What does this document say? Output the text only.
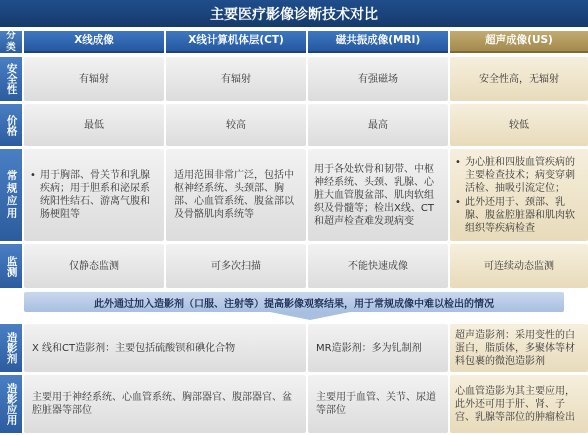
主要医疗影像诊断技术对比
分类
X线成像	X线计算机体层(CT)	磁共振成像(MRI)	超声成像(US)
安全性	有辐射	有辐射	有强磁场	安全性高，无辐射
价格	最低	较高	最高	较低
常规应用
•	用于胸部、骨关节和乳腺疾病；用于胆系和泌尿系统阳性结石、游离气腹和肠梗阻等
适用范围非常广泛，包括中枢神经系统、头颈部、胸部、心血管系统、腹盆部以及骨骼肌肉系统等
用于各处软骨和韧带、中枢神经系统、头颈、乳腺、心脏大血管腹盆部、肌肉软组织及骨髓等；检出X线、CT和超声检查难发现病变
• 为心脏和四肢血管疾病的主要检查技术；病变穿刺活检、抽吸引流定位；
• 此外还用于、颈部、乳腺、腹盆腔脏器和肌肉软组织等疾病检查
监测	仅静态监测	可多次扫描	不能快速成像	可连续动态监测
此外通过加入造影剂（口服、注射等）提高影像观察结果，用于常规成像中难以检出的情况
造影剂	X 线和CT造影剂：主要包括硫酸钡和碘化合物	MR造影剂：多为钆制剂
超声造影剂：采用变性的白蛋白，脂质体，多聚体等材料包裹的微泡造影剂
造影应用	主要用于神经系统、心血管系统、胸部器官、腹部器官、盆腔脏器等部位
主要用于血管、关节、尿道等部位
心血管造影为其主要应用，此外还可用于肝、肾、子宫、乳腺等部位的肿瘤检出
